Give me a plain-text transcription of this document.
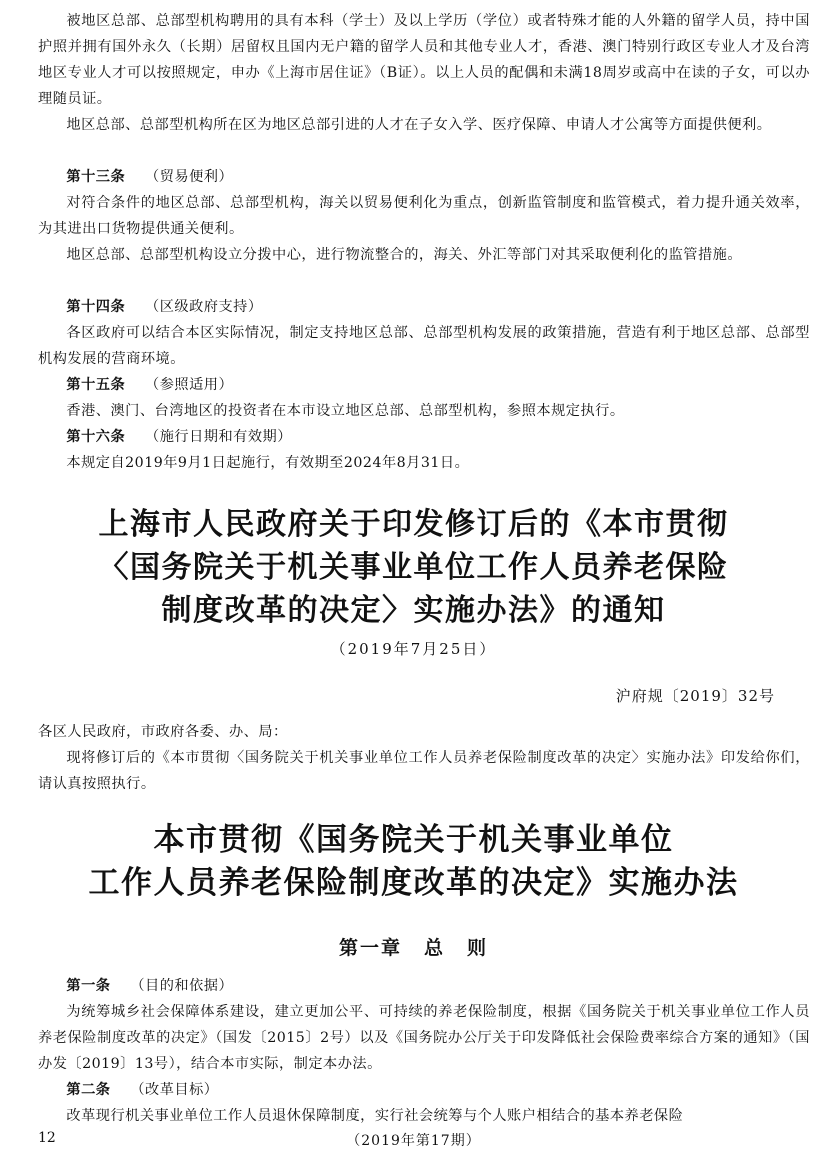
被地区总部、总部型机构聘用的具有本科（学士）及以上学历（学位）或者特殊才能的人外籍的留学人员，持中国护照并拥有国外永久（长期）居留权且国内无户籍的留学人员和其他专业人才，香港、澳门特别行政区专业人才及台湾地区专业人才可以按照规定，申办《上海市居住证》（B证）。以上人员的配偶和未满18周岁或高中在读的子女，可以办理随员证。

地区总部、总部型机构所在区为地区总部引进的人才在子女入学、医疗保障、申请人才公寓等方面提供便利。

第十三条 （贸易便利）

对符合条件的地区总部、总部型机构，海关以贸易便利化为重点，创新监管制度和监管模式，着力提升通关效率，为其进出口货物提供通关便利。

地区总部、总部型机构设立分拨中心，进行物流整合的，海关、外汇等部门对其采取便利化的监管措施。

第十四条 （区级政府支持）

各区政府可以结合本区实际情况，制定支持地区总部、总部型机构发展的政策措施，营造有利于地区总部、总部型机构发展的营商环境。

第十五条 （参照适用）

香港、澳门、台湾地区的投资者在本市设立地区总部、总部型机构，参照本规定执行。

第十六条 （施行日期和有效期）

本规定自2019年9月1日起施行，有效期至2024年8月31日。

上海市人民政府关于印发修订后的《本市贯彻
〈国务院关于机关事业单位工作人员养老保险
制度改革的决定〉实施办法》的通知
（2019年7月25日）
沪府规〔2019〕32号

各区人民政府，市政府各委、办、局：

现将修订后的《本市贯彻〈国务院关于机关事业单位工作人员养老保险制度改革的决定〉实施办法》印发给你们，请认真按照执行。

本市贯彻《国务院关于机关事业单位
工作人员养老保险制度改革的决定》实施办法
第一章 总 则
第一条 （目的和依据）

为统筹城乡社会保障体系建设，建立更加公平、可持续的养老保险制度，根据《国务院关于机关事业单位工作人员养老保险制度改革的决定》（国发〔2015〕2号）以及《国务院办公厅关于印发降低社会保险费率综合方案的通知》（国办发〔2019〕13号），结合本市实际，制定本办法。

第二条 （改革目标）

改革现行机关事业单位工作人员退休保障制度，实行社会统筹与个人账户相结合的基本养老保险

12	（2019年第17期）
